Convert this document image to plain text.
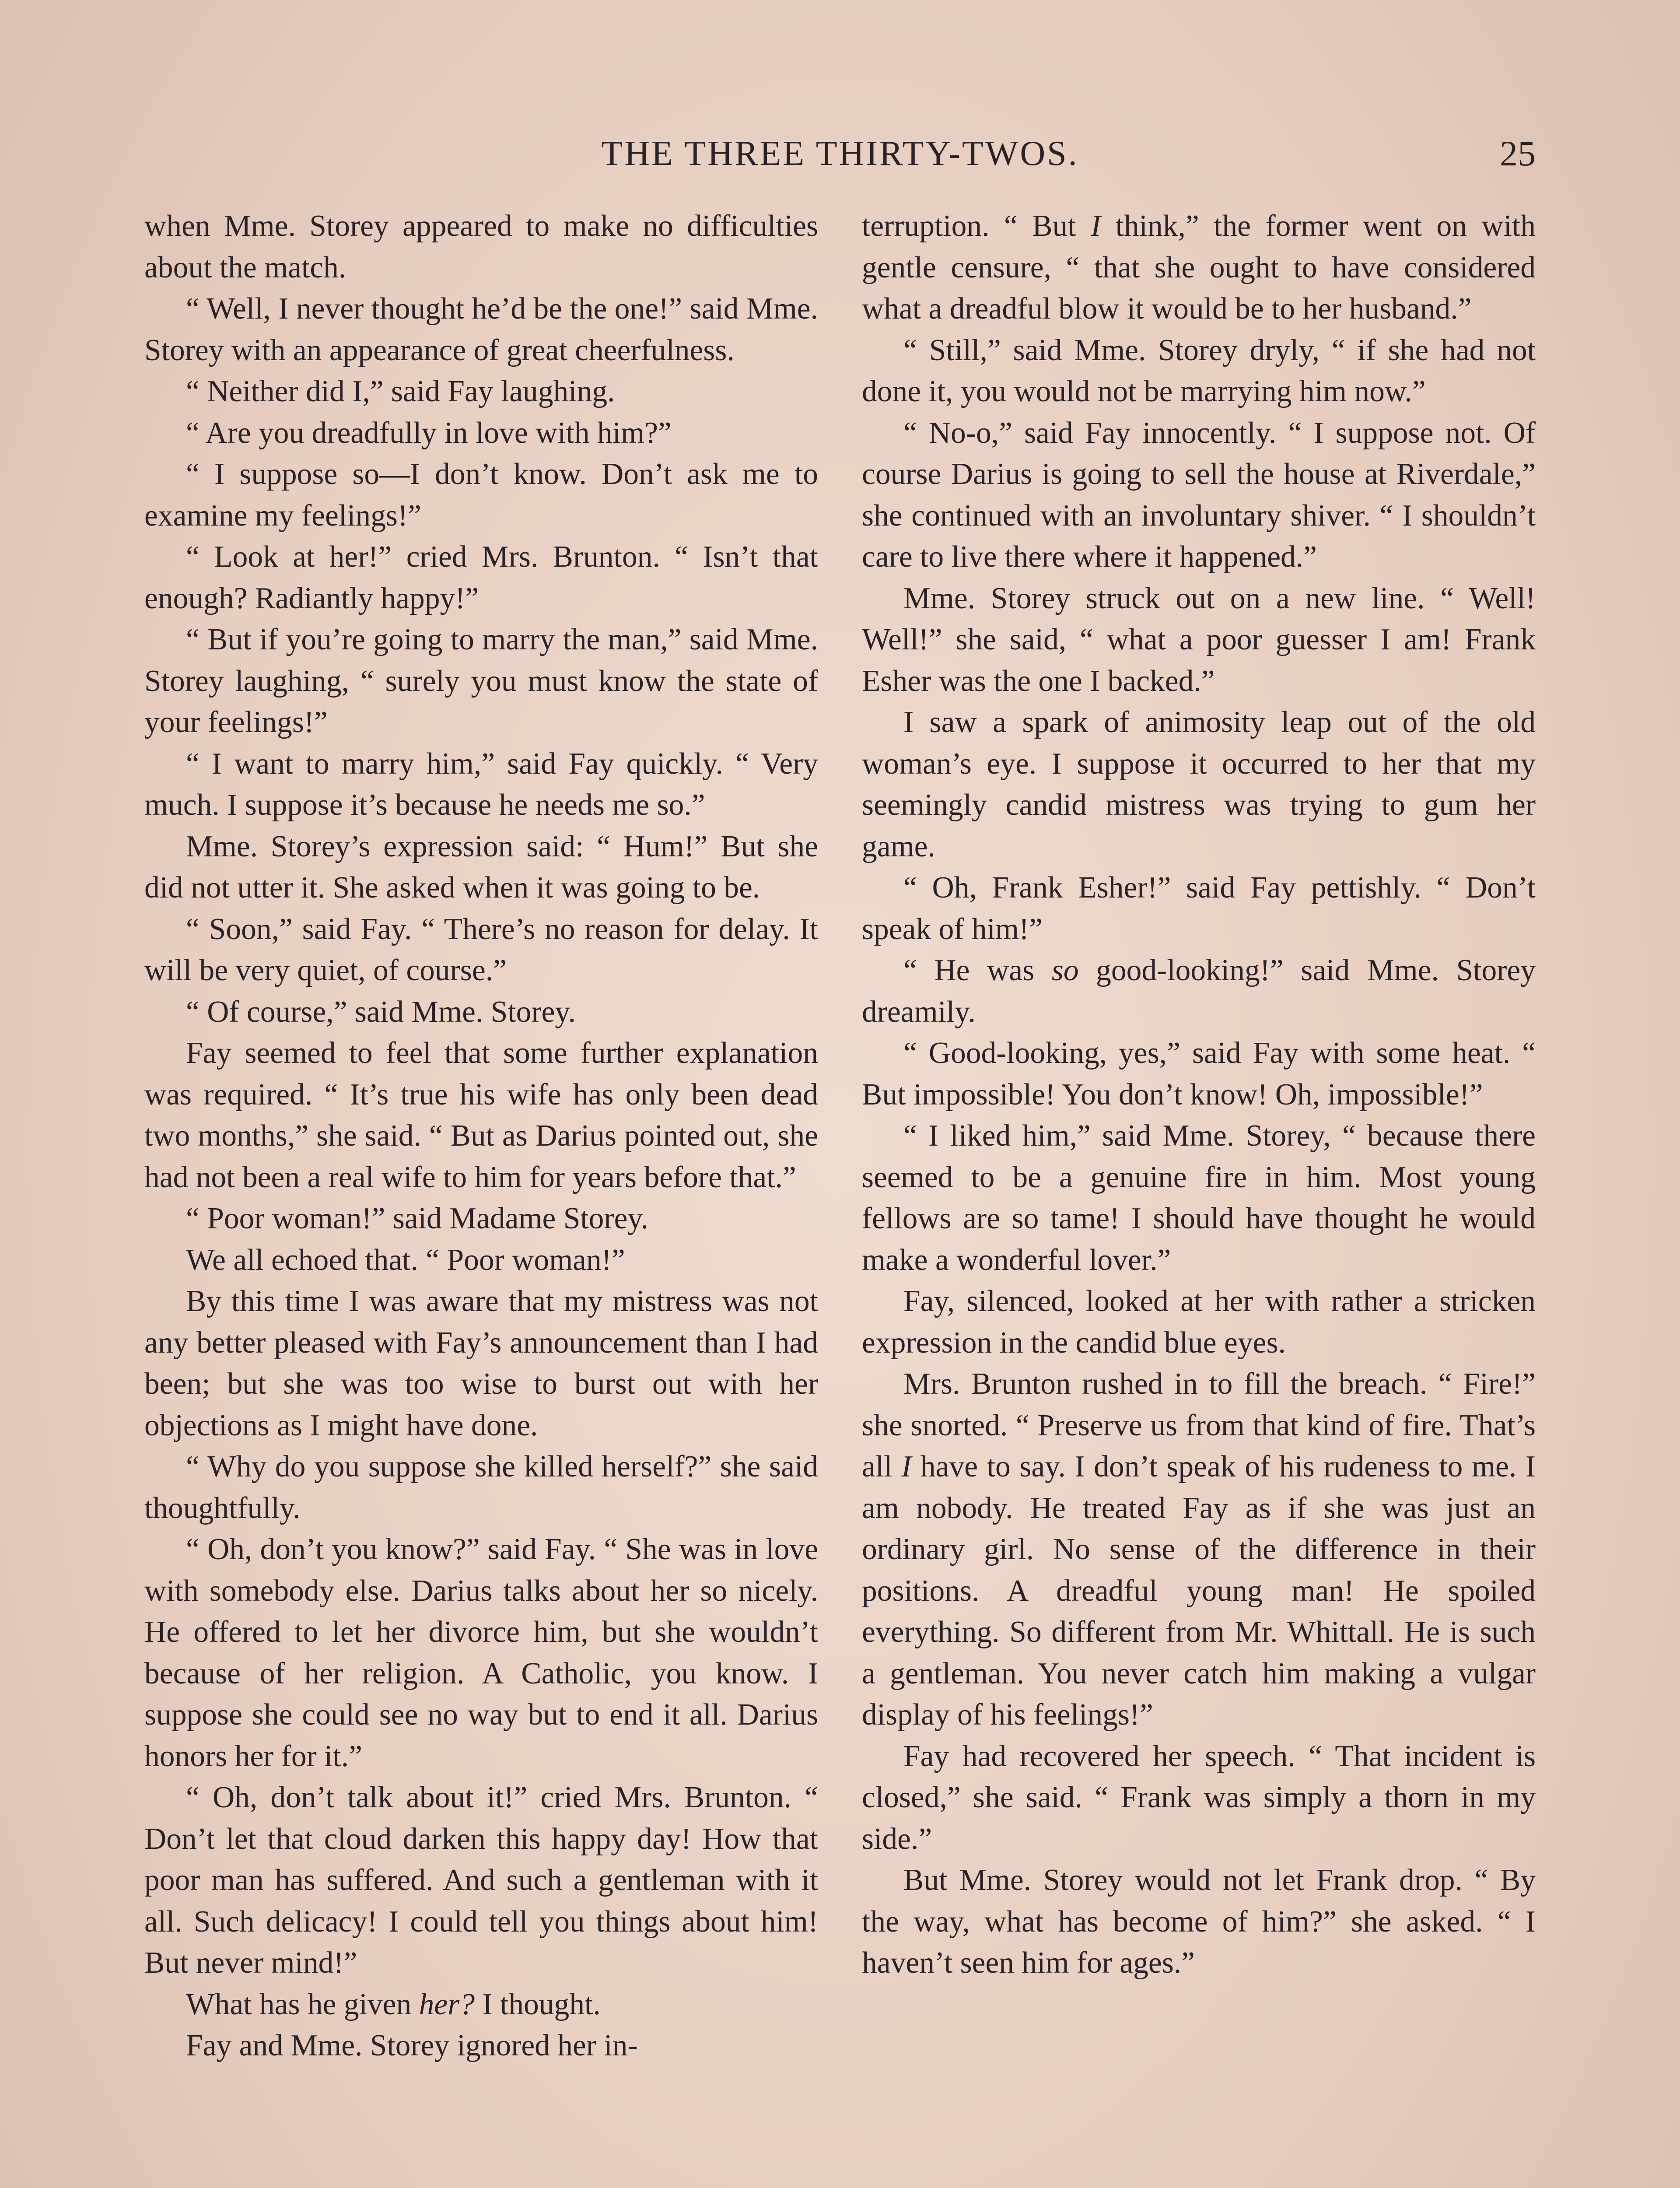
THE THREE THIRTY-TWOS.	25

when Mme. Storey appeared to make no difficulties about the match.

“ Well, I never thought he’d be the one!” said Mme. Storey with an appearance of great cheerfulness.

“ Neither did I,” said Fay laughing.

“ Are you dreadfully in love with him?”

“ I suppose so—I don’t know. Don’t ask me to examine my feelings!”

“ Look at her!” cried Mrs. Brunton. “ Isn’t that enough? Radiantly happy!”

“ But if you’re going to marry the man,” said Mme. Storey laughing, “ surely you must know the state of your feelings!”

“ I want to marry him,” said Fay quickly. “ Very much. I suppose it’s because he needs me so.”

Mme. Storey’s expression said: “ Hum!” But she did not utter it. She asked when it was going to be.

“ Soon,” said Fay. “ There’s no reason for delay. It will be very quiet, of course.”

“ Of course,” said Mme. Storey.

Fay seemed to feel that some further explanation was required. “ It’s true his wife has only been dead two months,” she said. “ But as Darius pointed out, she had not been a real wife to him for years before that.”

“ Poor woman!” said Madame Storey.

We all echoed that. “ Poor woman!”

By this time I was aware that my mistress was not any better pleased with Fay’s announcement than I had been; but she was too wise to burst out with her objections as I might have done.

“ Why do you suppose she killed herself?” she said thoughtfully.

“ Oh, don’t you know?” said Fay. “ She was in love with somebody else. Darius talks about her so nicely. He offered to let her divorce him, but she wouldn’t because of her religion. A Catholic, you know. I suppose she could see no way but to end it all. Darius honors her for it.”

“ Oh, don’t talk about it!” cried Mrs. Brunton. “ Don’t let that cloud darken this happy day! How that poor man has suffered. And such a gentleman with it all. Such delicacy! I could tell you things about him! But never mind!”

What has he given her? I thought.

Fay and Mme. Storey ignored her in-

terruption. “ But I think,” the former went on with gentle censure, “ that she ought to have considered what a dreadful blow it would be to her husband.”

“ Still,” said Mme. Storey dryly, “ if she had not done it, you would not be marrying him now.”

“ No-o,” said Fay innocently. “ I suppose not. Of course Darius is going to sell the house at Riverdale,” she continued with an involuntary shiver. “ I shouldn’t care to live there where it happened.”

Mme. Storey struck out on a new line. “ Well! Well!” she said, “ what a poor guesser I am! Frank Esher was the one I backed.”

I saw a spark of animosity leap out of the old woman’s eye. I suppose it occurred to her that my seemingly candid mistress was trying to gum her game.

“ Oh, Frank Esher!” said Fay pettishly. “ Don’t speak of him!”

“ He was so good-looking!” said Mme. Storey dreamily.

“ Good-looking, yes,” said Fay with some heat. “ But impossible! You don’t know! Oh, impossible!”

“ I liked him,” said Mme. Storey, “ because there seemed to be a genuine fire in him. Most young fellows are so tame! I should have thought he would make a wonderful lover.”

Fay, silenced, looked at her with rather a stricken expression in the candid blue eyes.

Mrs. Brunton rushed in to fill the breach. “ Fire!” she snorted. “ Preserve us from that kind of fire. That’s all I have to say. I don’t speak of his rudeness to me. I am nobody. He treated Fay as if she was just an ordinary girl. No sense of the difference in their positions. A dreadful young man! He spoiled everything. So different from Mr. Whittall. He is such a gentleman. You never catch him making a vulgar display of his feelings!”

Fay had recovered her speech. “ That incident is closed,” she said. “ Frank was simply a thorn in my side.”

But Mme. Storey would not let Frank drop. “ By the way, what has become of him?” she asked. “ I haven’t seen him for ages.”
